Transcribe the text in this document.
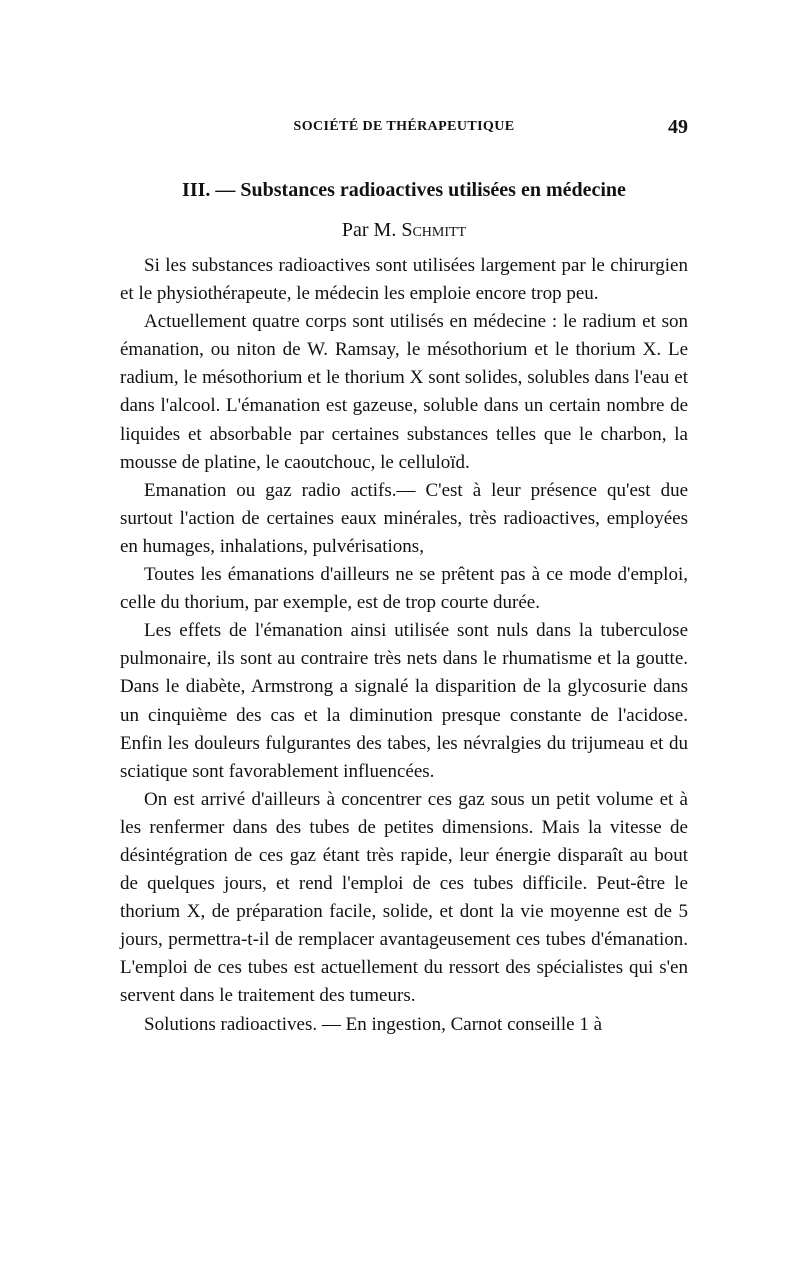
SOCIÉTÉ DE THÉRAPEUTIQUE	49
III. — Substances radioactives utilisées en médecine
Par M. Schmitt

Si les substances radioactives sont utilisées largement par le chirurgien et le physiothérapeute, le médecin les emploie encore trop peu.

Actuellement quatre corps sont utilisés en médecine : le radium et son émanation, ou niton de W. Ramsay, le mésothorium et le thorium X. Le radium, le mésothorium et le thorium X sont solides, solubles dans l'eau et dans l'alcool. L'émanation est gazeuse, soluble dans un certain nombre de liquides et absorbable par certaines substances telles que le charbon, la mousse de platine, le caoutchouc, le celluloïd.

Emanation ou gaz radio actifs.— C'est à leur présence qu'est due surtout l'action de certaines eaux minérales, très radioactives, employées en humages, inhalations, pulvérisations,

Toutes les émanations d'ailleurs ne se prêtent pas à ce mode d'emploi, celle du thorium, par exemple, est de trop courte durée.

Les effets de l'émanation ainsi utilisée sont nuls dans la tuberculose pulmonaire, ils sont au contraire très nets dans le rhumatisme et la goutte. Dans le diabète, Armstrong a signalé la disparition de la glycosurie dans un cinquième des cas et la diminution presque constante de l'acidose. Enfin les douleurs fulgurantes des tabes, les névralgies du trijumeau et du sciatique sont favorablement influencées.

On est arrivé d'ailleurs à concentrer ces gaz sous un petit volume et à les renfermer dans des tubes de petites dimensions. Mais la vitesse de désintégration de ces gaz étant très rapide, leur énergie disparaît au bout de quelques jours, et rend l'emploi de ces tubes difficile. Peut-être le thorium X, de préparation facile, solide, et dont la vie moyenne est de 5 jours, permettra-t-il de remplacer avantageusement ces tubes d'émanation. L'emploi de ces tubes est actuellement du ressort des spécialistes qui s'en servent dans le traitement des tumeurs.

Solutions radioactives. — En ingestion, Carnot conseille 1 à
